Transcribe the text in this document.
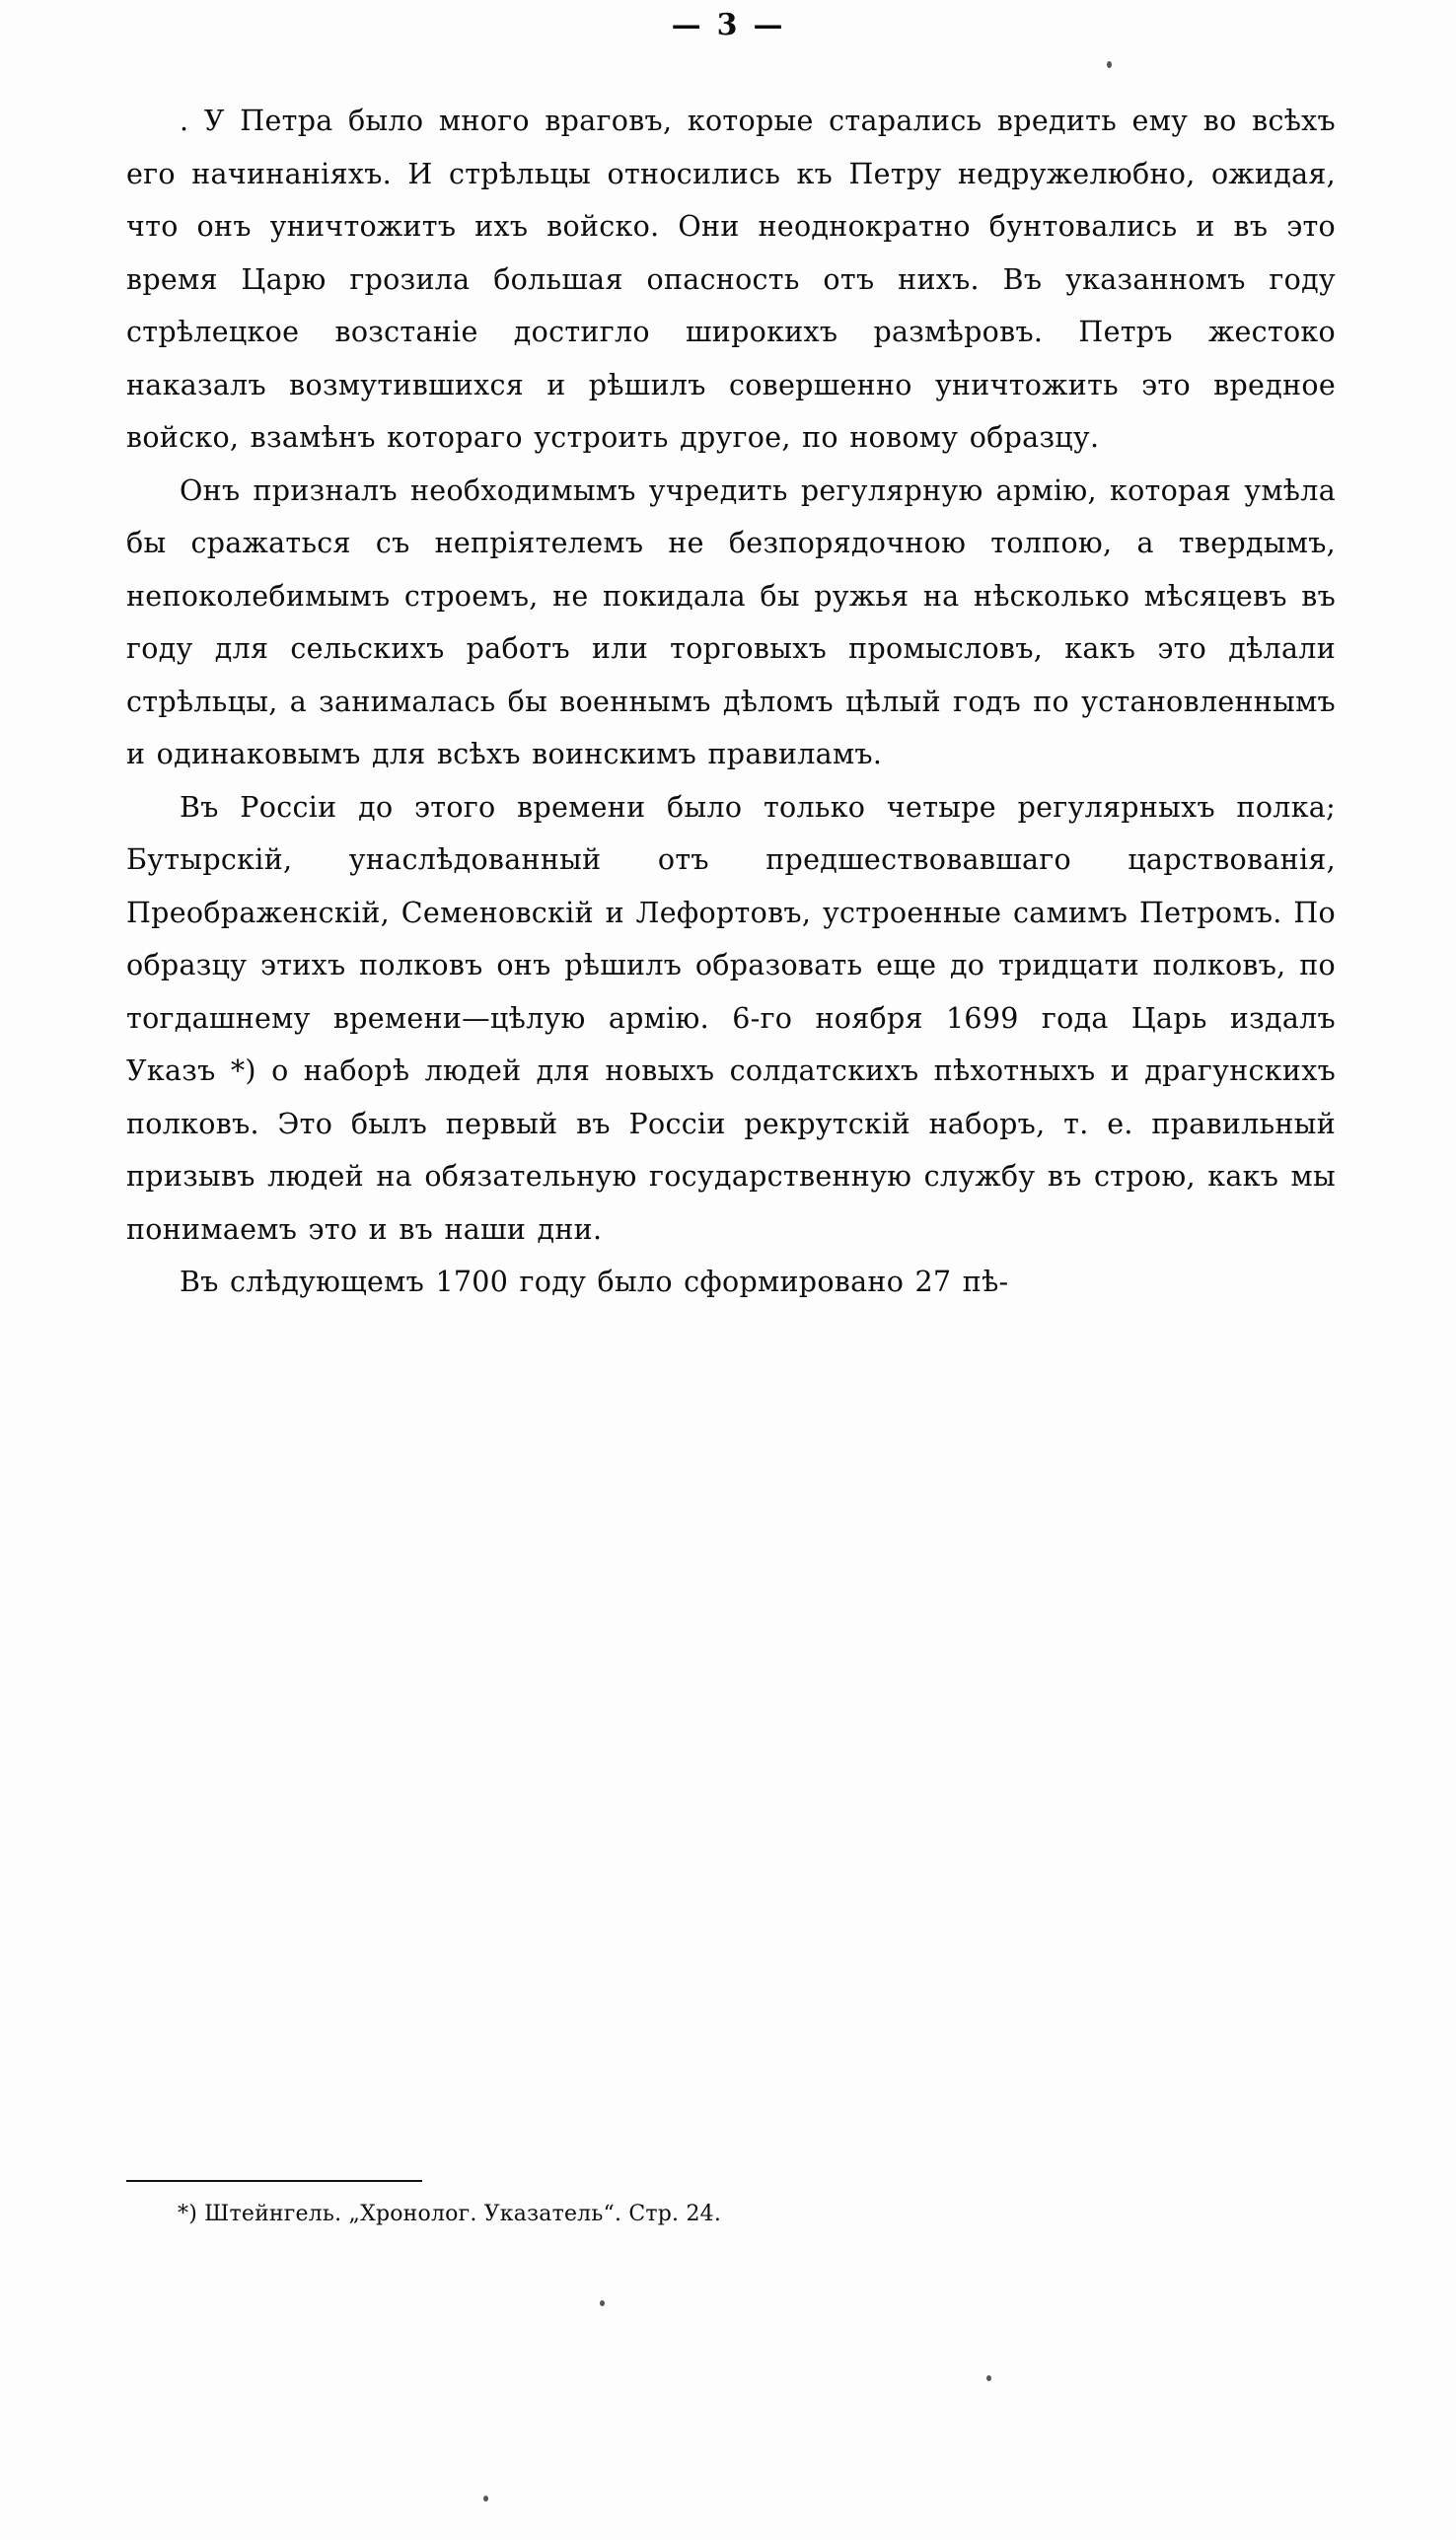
— 3 —

. У Петра было много враговъ, которые старались вредить ему во всѣхъ его начинаніяхъ. И стрѣльцы относились къ Петру недружелюбно, ожидая, что онъ уничтожитъ ихъ войско. Они неоднократно бунтовались и въ это время Царю грозила большая опасность отъ нихъ. Въ указанномъ году стрѣлецкое возстаніе достигло широкихъ размѣровъ. Петръ жестоко наказалъ возмутившихся и рѣшилъ совершенно уничтожить это вредное войско, взамѣнъ котораго устроить другое, по новому образцу.

Онъ призналъ необходимымъ учредить регулярную армію, которая умѣла бы сражаться съ непріятелемъ не безпорядочною толпою, а твердымъ, непоколебимымъ строемъ, не покидала бы ружья на нѣсколько мѣсяцевъ въ году для сельскихъ работъ или торговыхъ промысловъ, какъ это дѣлали стрѣльцы, а занималась бы военнымъ дѣломъ цѣлый годъ по установленнымъ и одинаковымъ для всѣхъ воинскимъ правиламъ.

Въ Россіи до этого времени было только четыре регулярныхъ полка; Бутырскій, унаслѣдованный отъ предшествовавшаго царствованія, Преображенскій, Семеновскій и Лефортовъ, устроенные самимъ Петромъ. По образцу этихъ полковъ онъ рѣшилъ образовать еще до тридцати полковъ, по тогдашнему времени—цѣлую армію. 6-го ноября 1699 года Царь издалъ Указъ *) о наборѣ людей для новыхъ солдатскихъ пѣхотныхъ и драгунскихъ полковъ. Это былъ первый въ Россіи рекрутскій наборъ, т. е. правильный призывъ людей на обязательную государственную службу въ строю, какъ мы понимаемъ это и въ наши дни.

Въ слѣдующемъ 1700 году было сформировано 27 пѣ-

*) Штейнгель. „Хронолог. Указатель“. Стр. 24.
